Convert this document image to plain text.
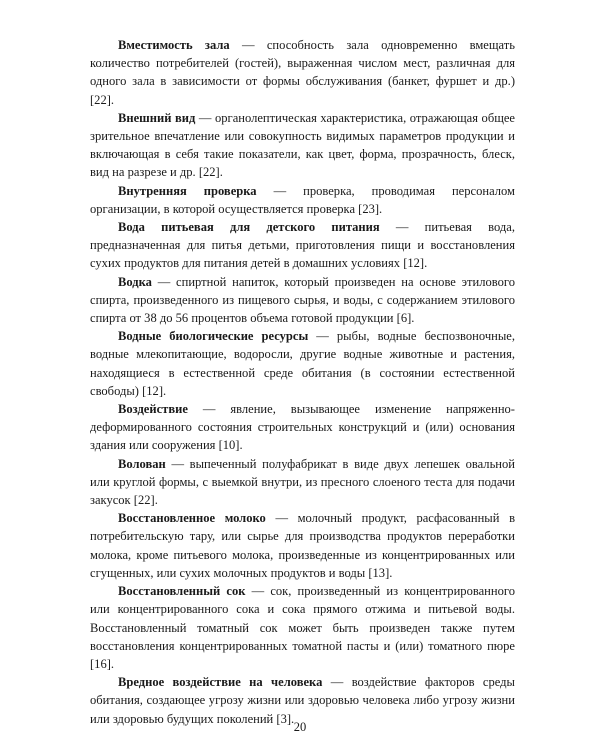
Вместимость зала — способность зала одновременно вмещать количество потребителей (гостей), выраженная числом мест, различная для одного зала в зависимости от формы обслуживания (банкет, фуршет и др.) [22].

Внешний вид — органолептическая характеристика, отражающая общее зрительное впечатление или совокупность видимых параметров продукции и включающая в себя такие показатели, как цвет, форма, прозрачность, блеск, вид на разрезе и др. [22].

Внутренняя проверка — проверка, проводимая персоналом организации, в которой осуществляется проверка [23].

Вода питьевая для детского питания — питьевая вода, предназначенная для питья детьми, приготовления пищи и восстановления сухих продуктов для питания детей в домашних условиях [12].

Водка — спиртной напиток, который произведен на основе этилового спирта, произведенного из пищевого сырья, и воды, с содержанием этилового спирта от 38 до 56 процентов объема готовой продукции [6].

Водные биологические ресурсы — рыбы, водные беспозвоночные, водные млекопитающие, водоросли, другие водные животные и растения, находящиеся в естественной среде обитания (в состоянии естественной свободы) [12].

Воздействие — явление, вызывающее изменение напряженно-деформированного состояния строительных конструкций и (или) основания здания или сооружения [10].

Волован — выпеченный полуфабрикат в виде двух лепешек овальной или круглой формы, с выемкой внутри, из пресного слоеного теста для подачи закусок [22].

Восстановленное молоко — молочный продукт, расфасованный в потребительскую тару, или сырье для производства продуктов переработки молока, кроме питьевого молока, произведенные из концентрированных или сгущенных, или сухих молочных продуктов и воды [13].

Восстановленный сок — сок, произведенный из концентрированного или концентрированного сока и сока прямого отжима и питьевой воды. Восстановленный томатный сок может быть произведен также путем восстановления концентрированных томатной пасты и (или) томатного пюре [16].

Вредное воздействие на человека — воздействие факторов среды обитания, создающее угрозу жизни или здоровью человека либо угрозу жизни или здоровью будущих поколений [3].

20
